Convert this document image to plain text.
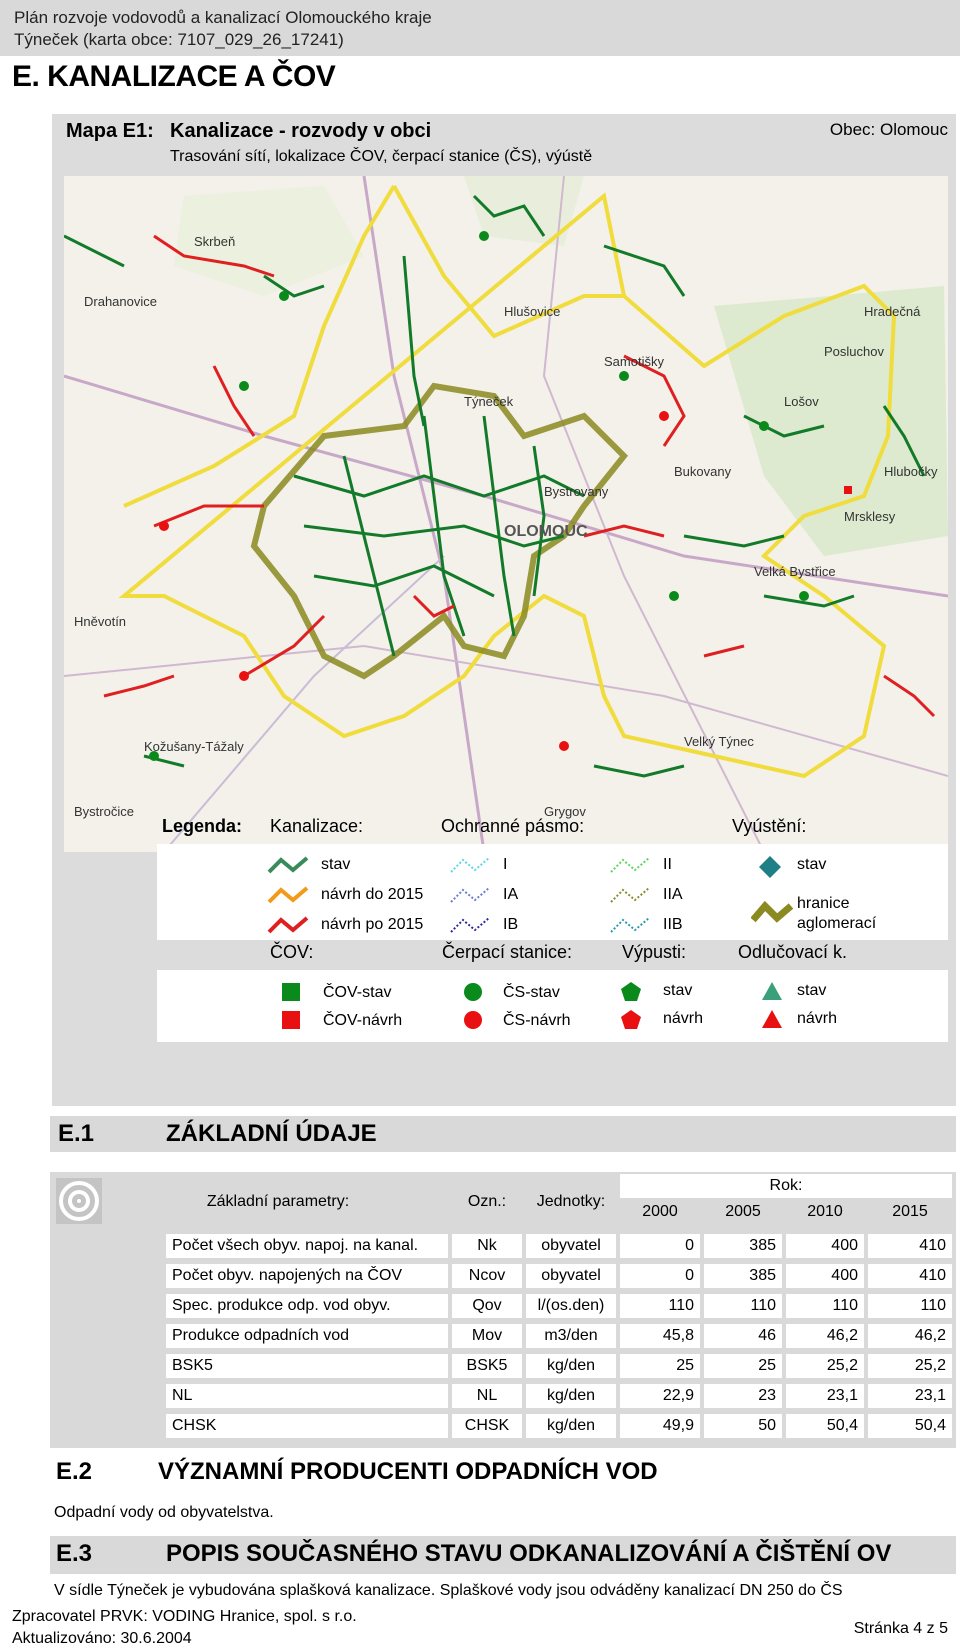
Plán rozvoje vodovodů a kanalizací Olomouckého kraje
Týneček (karta obce: 7107_029_26_17241)
E. KANALIZACE A ČOV
Mapa E1: Kanalizace - rozvody v obci
Trasování sítí, lokalizace ČOV, čerpací stanice (ČS), výústě
Obec: Olomouc
Skrbeň
Hlušovice
Samotišky
Týneček
OLOMOUC
Bukovany
Mrsklesy
Velká Bystřice
Hněvotín
Bystročice
Kožušany-Tážaly	Velký Týnec
Grygov
Drahanovice
Posluchov
Lošov
Hlubočky
Bystrovany
Hradečná
Legenda: Kanalizace:	Ochranné pásmo:	Vyústění:
stav
návrh do 2015
návrh po 2015
I
IA
IB
II
IIA
IIB
stav
hranice
aglomerací
ČOV:	Čerpací stanice:	Výpusti:	Odlučovací k.
ČOV-stav
ČOV-návrh
ČS-stav
ČS-návrh
stav
návrh
stav
návrh
E.1	ZÁKLADNÍ ÚDAJE
Základní parametry:	Ozn.:	Jednotky:
Rok:
2000	2005	2010	2015
Počet všech obyv. napoj. na kanal.	Nk	obyvatel	0	385	400	410
Počet obyv. napojených na ČOV	Ncov	obyvatel	0	385	400	410
Spec. produkce odp. vod obyv.	Qov	l/(os.den)	110	110	110	110
Produkce odpadních vod	Mov	m3/den	45,8	46	46,2	46,2
BSK5	BSK5	kg/den	25	25	25,2	25,2
NL	NL	kg/den	22,9	23	23,1	23,1
CHSK	CHSK	kg/den	49,9	50	50,4	50,4
E.2	VÝZNAMNÍ PRODUCENTI ODPADNÍCH VOD
Odpadní vody od obyvatelstva.
E.3	POPIS SOUČASNÉHO STAVU ODKANALIZOVÁNÍ A ČIŠTĚNÍ OV
V sídle Týneček je vybudována splašková kanalizace. Splaškové vody jsou odváděny kanalizací DN 250 do ČS
Zpracovatel PRVK: VODING Hranice, spol. s r.o.
Aktualizováno: 30.6.2004
Stránka 4 z 5
